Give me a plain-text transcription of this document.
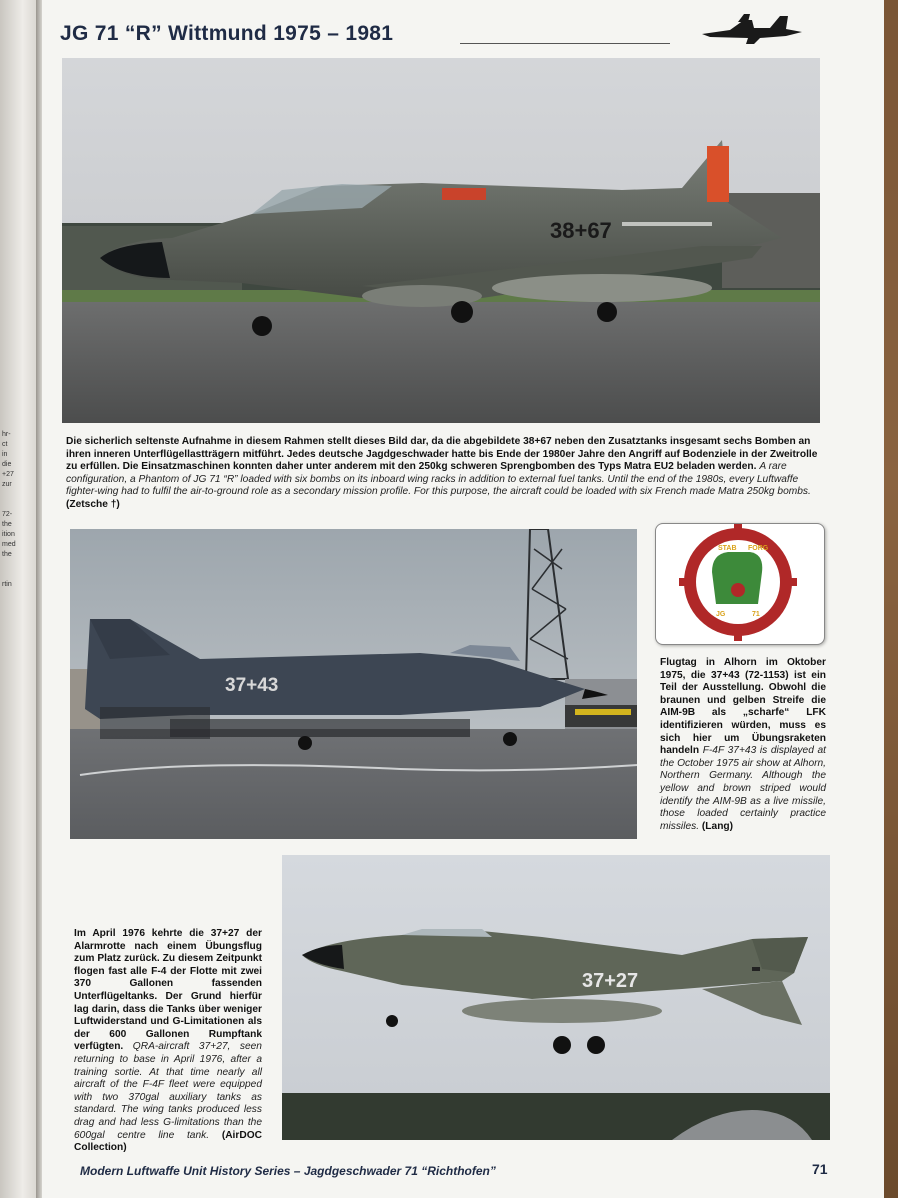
hr-
ct
in
die
+27
zur
72-
the
ition
med
the
rtin
JG 71 “R” Wittmund 1975 – 1981
38+67

Die sicherlich seltenste Aufnahme in diesem Rahmen stellt dieses Bild dar, da die abgebildete 38+67 neben den Zusatztanks insgesamt sechs Bomben an ihren inneren Unterflügellastträgern mitführt. Jedes deutsche Jagdgeschwader hatte bis Ende der 1980er Jahre den Angriff auf Bodenziele in der Zweitrolle zu erfüllen. Die Einsatzmaschinen konnten daher unter anderem mit den 250kg schweren Sprengbomben des Typs Matra EU2 beladen werden. A rare configuration, a Phantom of JG 71 “R” loaded with six bombs on its inboard wing racks in addition to external fuel tanks. Until the end of the 1980s, every Luftwaffe fighter-wing had to fulfil the air-to-ground role as a secondary mission profile. For this purpose, the aircraft could be loaded with six French made Matra 250kg bombs. (Zetsche †)

37+43
STAB FORG
JG	71

Flugtag in Alhorn im Oktober 1975, die 37+43 (72-1153) ist ein Teil der Ausstellung. Obwohl die braunen und gelben Streife die AIM-9B als „scharfe“ LFK identifizieren würden, muss es sich hier um Übungsraketen handeln F-4F 37+43 is displayed at the October 1975 air show at Alhorn, Northern Germany. Although the yellow and brown striped would identify the AIM-9B as a live missile, those loaded certainly practice missiles. (Lang)

37+27

Im April 1976 kehrte die 37+27 der Alarmrotte nach einem Übungsflug zum Platz zurück. Zu diesem Zeitpunkt flogen fast alle F-4 der Flotte mit zwei 370 Gallonen fassenden Unterflügeltanks. Der Grund hierfür lag darin, dass die Tanks über weniger Luftwiderstand und G-Limitationen als der 600 Gallonen Rumpftank verfügten. QRA-aircraft 37+27, seen returning to base in April 1976, after a training sortie. At that time nearly all aircraft of the F-4F fleet were equipped with two 370gal auxiliary tanks as standard. The wing tanks produced less drag and had less G-limitations than the 600gal centre line tank. (AirDOC Collection)

Modern Luftwaffe Unit History Series – Jagdgeschwader 71 “Richthofen”	71
